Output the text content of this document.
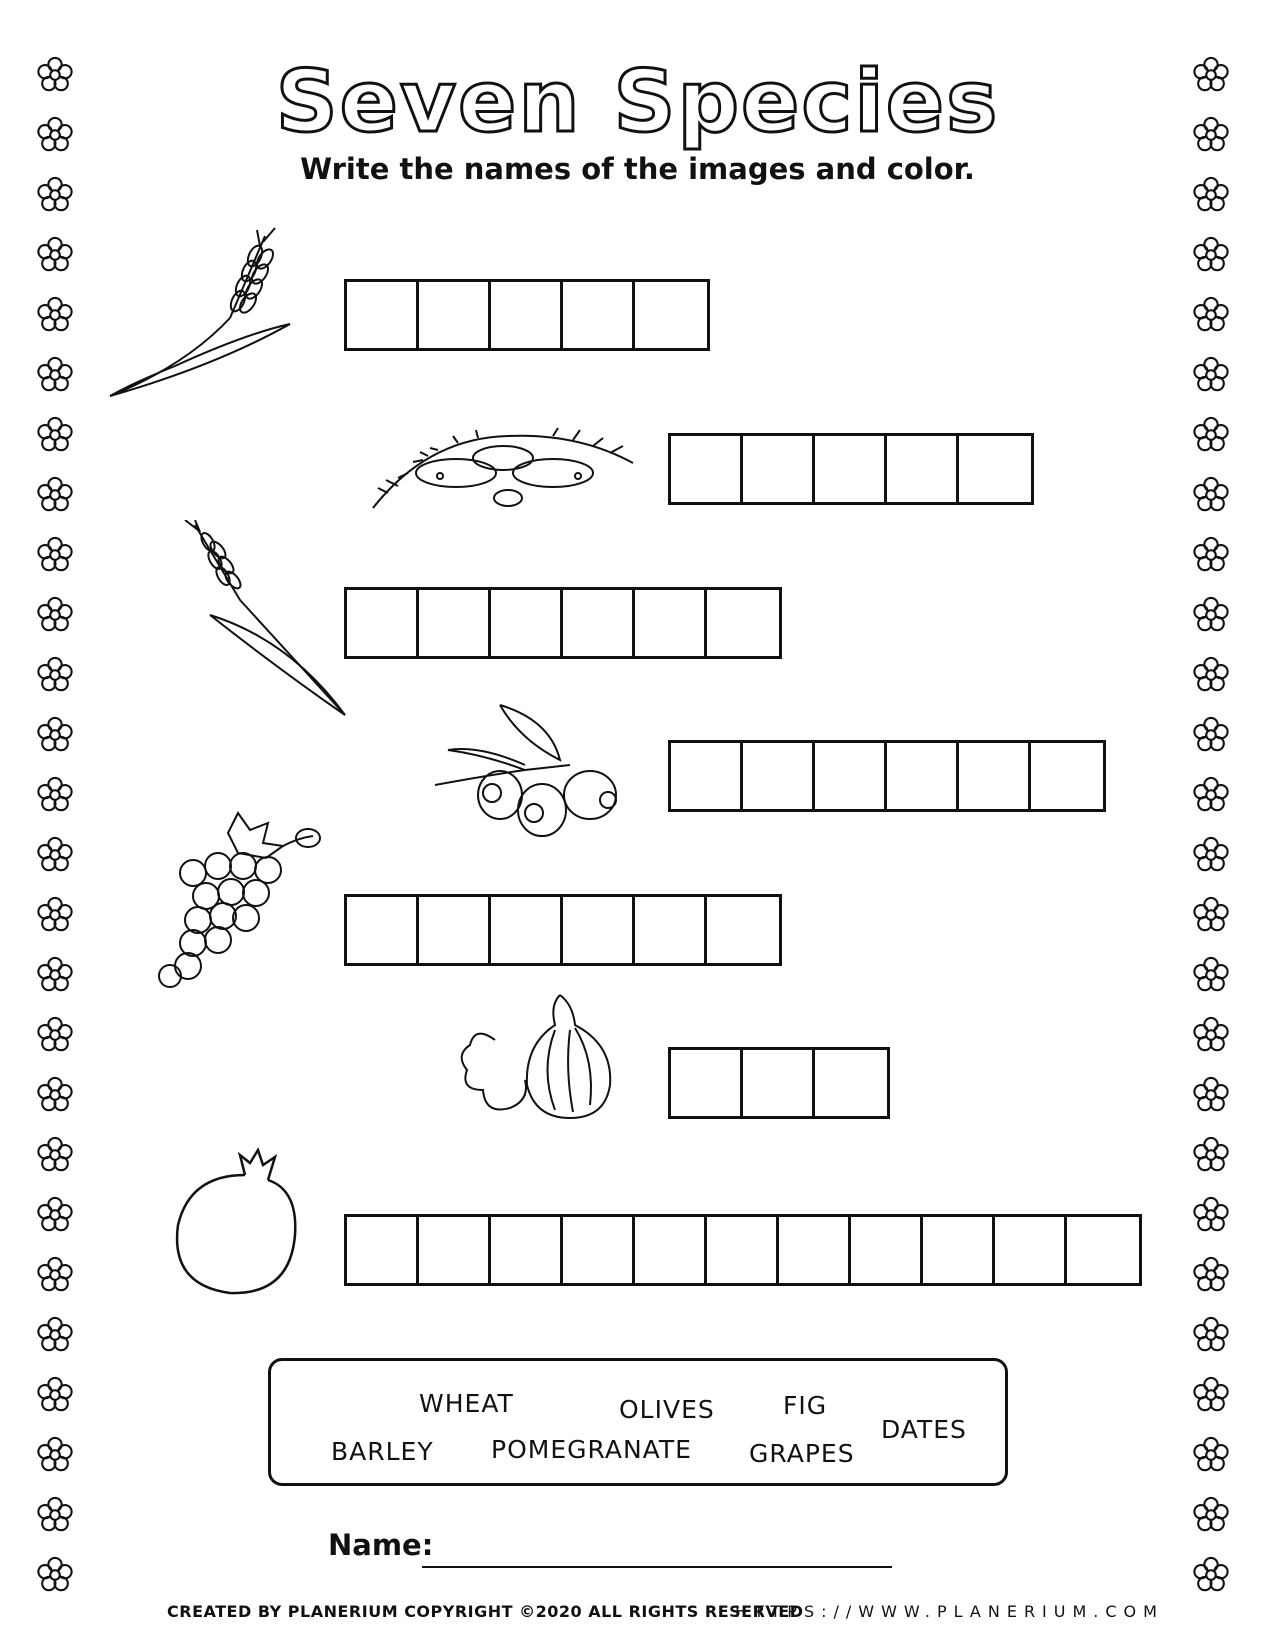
Seven Species

Write the names of the images and color.

WHEAT	OLIVES	FIG
DATES
BARLEY POMEGRANATE GRAPES
Name:
CREATED BY PLANERIUM COPYRIGHT ©2020 ALL RIGHTS RESERVED
HTTPS://WWW.PLANERIUM.COM
